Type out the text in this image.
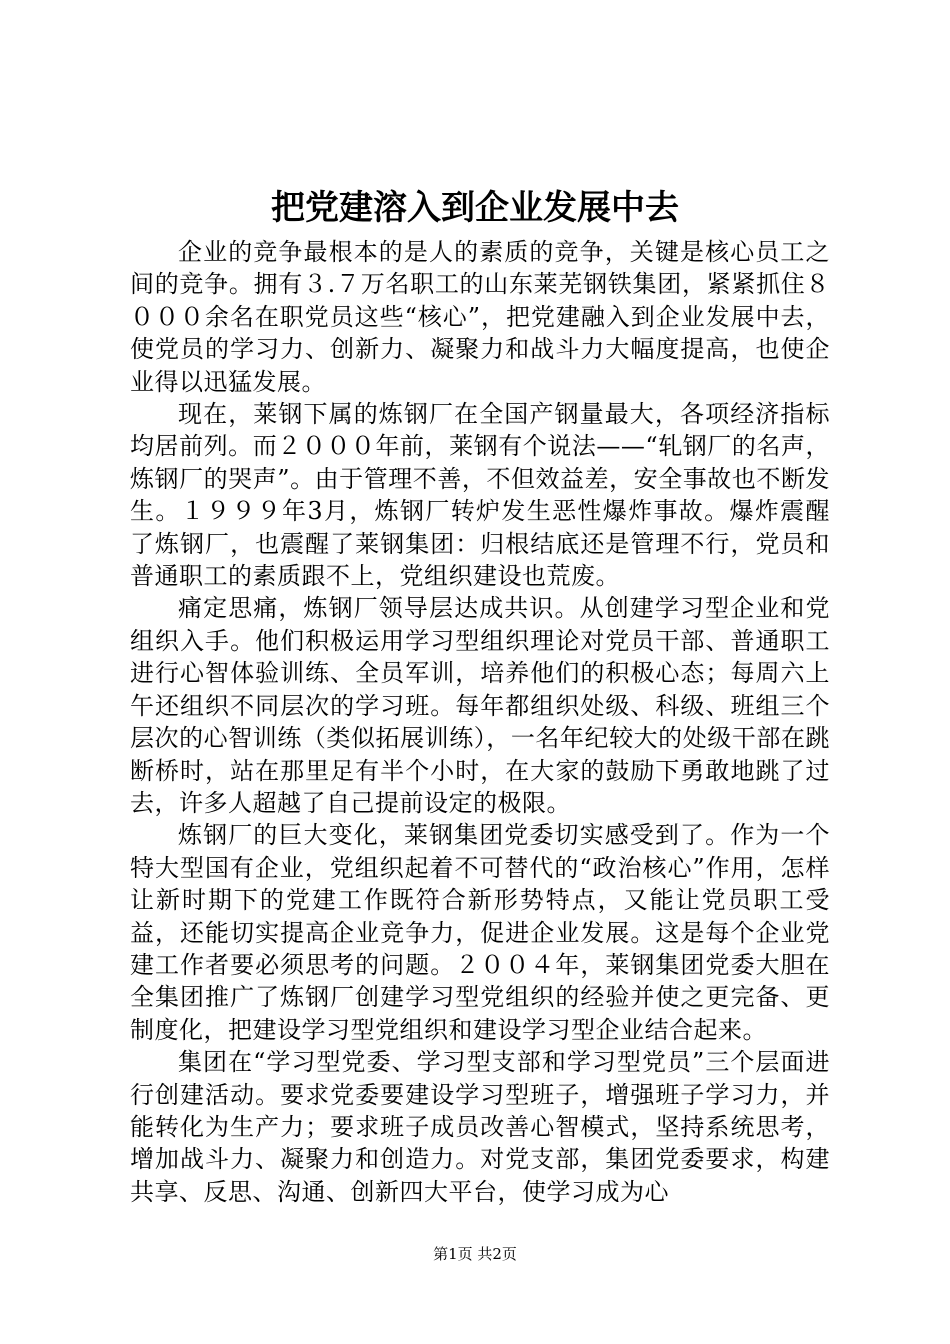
把党建溶入到企业发展中去

企业的竞争最根本的是人的素质的竞争，关键是核心员工之间的竞争。拥有３.７万名职工的山东莱芜钢铁集团，紧紧抓住８０００余名在职党员这些“核心”，把党建融入到企业发展中去，使党员的学习力、创新力、凝聚力和战斗力大幅度提高，也使企业得以迅猛发展。

现在，莱钢下属的炼钢厂在全国产钢量最大，各项经济指标均居前列。而２０００年前，莱钢有个说法——“轧钢厂的名声，炼钢厂的哭声”。由于管理不善，不但效益差，安全事故也不断发生。１９９９年3月，炼钢厂转炉发生恶性爆炸事故。爆炸震醒了炼钢厂，也震醒了莱钢集团：归根结底还是管理不行，党员和普通职工的素质跟不上，党组织建设也荒废。

痛定思痛，炼钢厂领导层达成共识。从创建学习型企业和党组织入手。他们积极运用学习型组织理论对党员干部、普通职工进行心智体验训练、全员军训，培养他们的积极心态；每周六上午还组织不同层次的学习班。每年都组织处级、科级、班组三个层次的心智训练（类似拓展训练），一名年纪较大的处级干部在跳断桥时，站在那里足有半个小时，在大家的鼓励下勇敢地跳了过去，许多人超越了自己提前设定的极限。

炼钢厂的巨大变化，莱钢集团党委切实感受到了。作为一个特大型国有企业，党组织起着不可替代的“政治核心”作用，怎样让新时期下的党建工作既符合新形势特点，又能让党员职工受益，还能切实提高企业竞争力，促进企业发展。这是每个企业党建工作者要必须思考的问题。２００４年，莱钢集团党委大胆在全集团推广了炼钢厂创建学习型党组织的经验并使之更完备、更制度化，把建设学习型党组织和建设学习型企业结合起来。

集团在“学习型党委、学习型支部和学习型党员”三个层面进行创建活动。要求党委要建设学习型班子，增强班子学习力，并能转化为生产力；要求班子成员改善心智模式，坚持系统思考，增加战斗力、凝聚力和创造力。对党支部，集团党委要求，构建共享、反思、沟通、创新四大平台，使学习成为心

第1页 共2页
